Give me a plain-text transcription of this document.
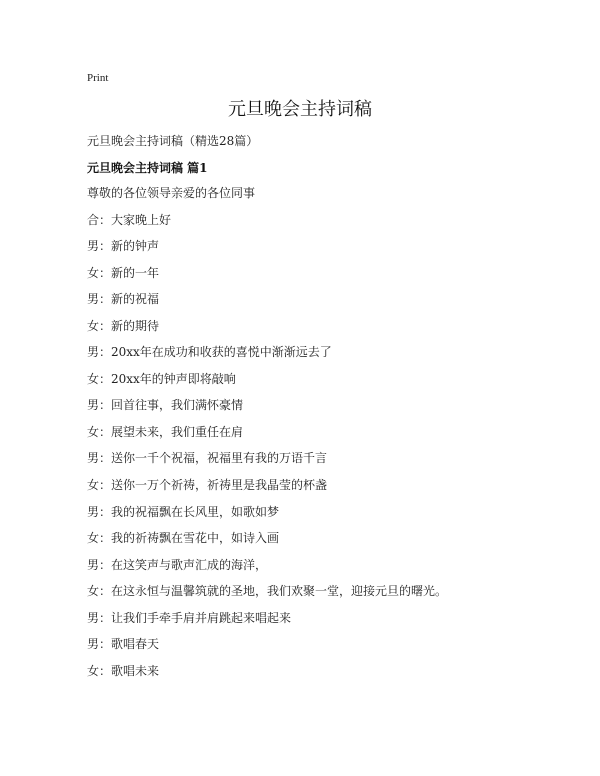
Print
元旦晚会主持词稿
元旦晚会主持词稿（精选28篇）
元旦晚会主持词稿 篇1
尊敬的各位领导亲爱的各位同事
合：大家晚上好
男：新的钟声
女：新的一年
男：新的祝福
女：新的期待
男：20xx年在成功和收获的喜悦中渐渐远去了
女：20xx年的钟声即将敲响
男：回首往事，我们满怀豪情
女：展望未来，我们重任在肩
男：送你一千个祝福，祝福里有我的万语千言
女：送你一万个祈祷，祈祷里是我晶莹的杯盏
男：我的祝福飘在长风里，如歌如梦
女：我的祈祷飘在雪花中，如诗入画
男：在这笑声与歌声汇成的海洋，
女：在这永恒与温馨筑就的圣地，我们欢聚一堂，迎接元旦的曙光。
男：让我们手牵手肩并肩跳起来唱起来
男：歌唱春天
女：歌唱未来
